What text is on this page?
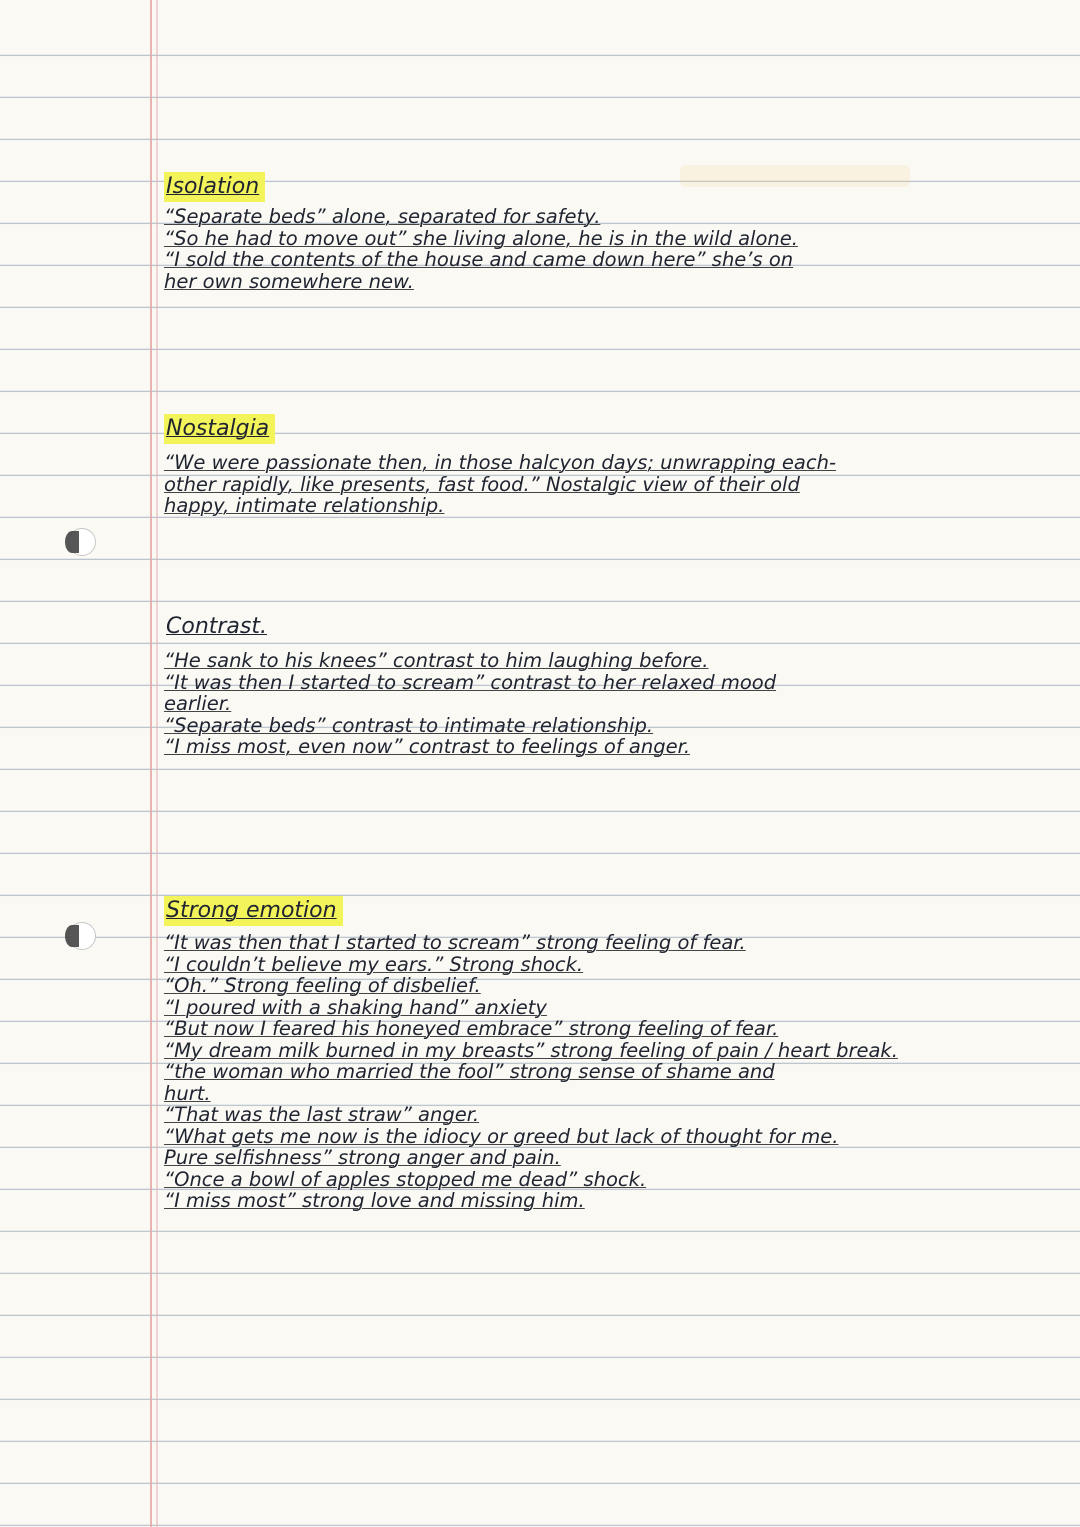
Isolation
“Separate beds” alone, separated for safety.
“So he had to move out” she living alone, he is in the wild alone.
“I sold the contents of the house and came down here” she’s on
her own somewhere new.
Nostalgia
“We were passionate then, in those halcyon days; unwrapping each-
other rapidly, like presents, fast food.” Nostalgic view of their old
happy, intimate relationship.
Contrast.
“He sank to his knees” contrast to him laughing before.
“It was then I started to scream” contrast to her relaxed mood
earlier.
“Separate beds” contrast to intimate relationship.
“I miss most, even now” contrast to feelings of anger.
Strong emotion
“It was then that I started to scream” strong feeling of fear.
“I couldn’t believe my ears.” Strong shock.
“Oh.” Strong feeling of disbelief.
“I poured with a shaking hand” anxiety
“But now I feared his honeyed embrace” strong feeling of fear.
“My dream milk burned in my breasts” strong feeling of pain / heart break.
“the woman who married the fool” strong sense of shame and
hurt.
“That was the last straw” anger.
“What gets me now is the idiocy or greed but lack of thought for me.
Pure selfishness” strong anger and pain.
“Once a bowl of apples stopped me dead” shock.
“I miss most” strong love and missing him.
